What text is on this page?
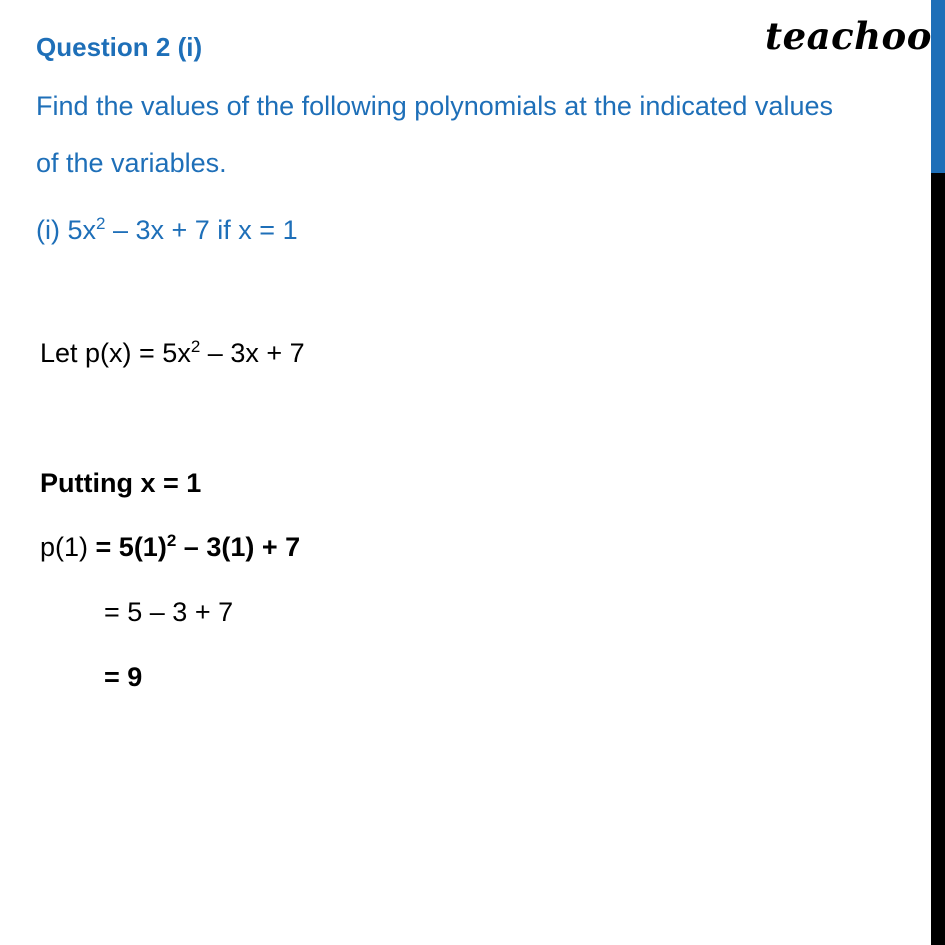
teachoo
Question 2 (i)
Find the values of the following polynomials at the indicated values
of the variables.
(i) $5x^2 - 3x + 7$ if x = 1
Let $p(x) = 5x^2 - 3x + 7$
Putting x = 1
$p(1) = 5(1)^2 - 3(1) + 7$
= 5 – 3 + 7
= 9
